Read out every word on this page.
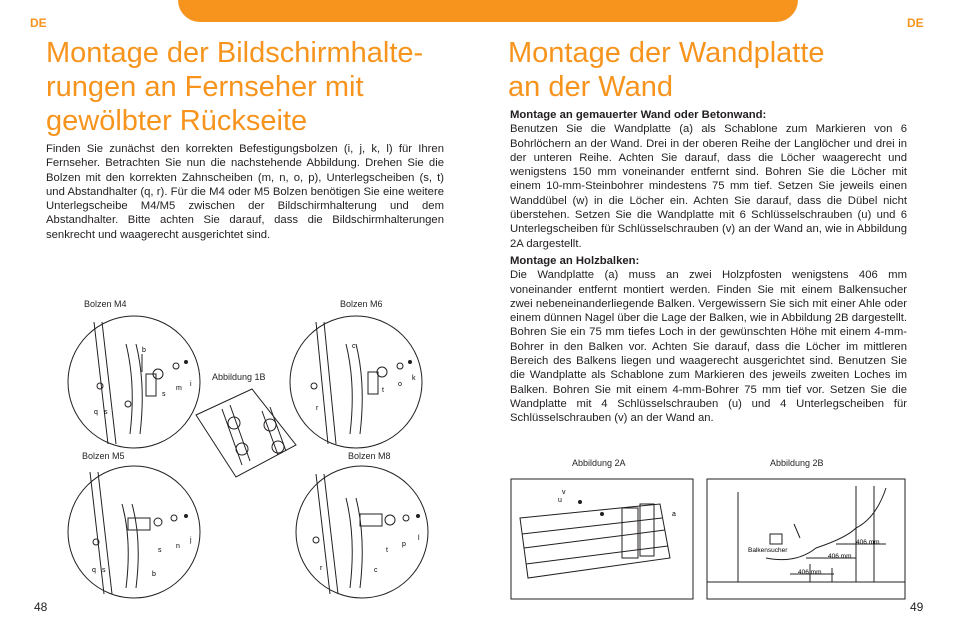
DE	DE
Montage der Bildschirmhalte-
rungen an Fernseher mit
gewölbter Rückseite

Finden Sie zunächst den korrekten Befestigungsbolzen (i, j, k, l) für Ihren Fernseher. Betrachten Sie nun die nachstehende Abbildung. Drehen Sie die Bolzen mit den korrekten Zahnscheiben (m, n, o, p), Unterlegscheiben (s, t) und Abstandhalter (q, r). Für die M4 oder M5 Bolzen benötigen Sie eine weitere Unterlegscheibe M4/M5 zwischen der Bildschirmhalterung und dem Abstandhalter. Bitte achten Sie darauf, dass die Bildschirmhalterungen senkrecht und waagerecht ausgerichtet sind.

Bolzen M4	Bolzen M6
Abbildung 1B
Bolzen M5	Bolzen M8
b
s
m
i
q s
c
t
o
k
r
s
n
j
q s
b
t
p
l
r	c
48
Montage der Wandplatte
an der Wand
Montage an gemauerter Wand oder Betonwand:
Benutzen Sie die Wandplatte (a) als Schablone zum Markieren von 6 Bohrlöchern an der Wand. Drei in der oberen Reihe der Langlöcher und drei in der unteren Reihe. Achten Sie darauf, dass die Löcher waagerecht und wenigstens 150 mm voneinander entfernt sind. Bohren Sie die Löcher mit einem 10-mm-Steinbohrer mindestens 75 mm tief. Setzen Sie jeweils einen Wanddübel (w) in die Löcher ein. Achten Sie darauf, dass die Dübel nicht überstehen. Setzen Sie die Wandplatte mit 6 Schlüsselschrauben (u) und 6 Unterlegscheiben für Schlüsselschrauben (v) an der Wand an, wie in Abbildung 2A dargestellt.
Montage an Holzbalken:
Die Wandplatte (a) muss an zwei Holzpfosten wenigstens 406 mm voneinander entfernt montiert werden. Finden Sie mit einem Balkensucher zwei nebeneinanderliegende Balken. Vergewissern Sie sich mit einer Ahle oder einem dünnen Nagel über die Lage der Balken, wie in Abbildung 2B dargestellt. Bohren Sie ein 75 mm tiefes Loch in der gewünschten Höhe mit einem 4-mm-Bohrer in den Balken vor. Achten Sie darauf, dass die Löcher im mittleren Bereich des Balkens liegen und waagerecht ausgerichtet sind. Benutzen Sie die Wandplatte als Schablone zum Markieren des jeweils zweiten Loches im Balken. Bohren Sie mit einem 4-mm-Bohrer 75 mm tief vor. Setzen Sie die Wandplatte mit 4 Schlüsselschrauben (u) und 4 Unterlegscheiben für Schlüsselschrauben (v) an der Wand an.
Abbildung 2A	Abbildung 2B
v
u
a
Balkensucher
406 mm
406 mm
406 mm
49
